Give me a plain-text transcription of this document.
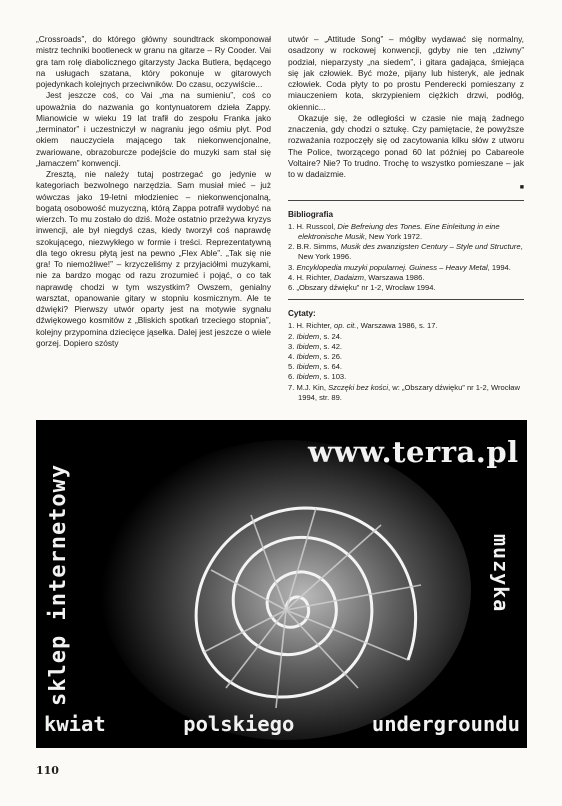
„Crossroads”, do którego główny soundtrack skomponował mistrz techniki bootleneck w granu na gitarze – Ry Cooder. Vai gra tam rolę diabolicznego gitarzysty Jacka Butlera, będącego na usługach szatana, który pokonuje w gitarowych pojedynkach kolejnych przeciwników. Do czasu, oczywiście...

Jest jeszcze coś, co Vai „ma na sumieniu”, coś co upoważnia do nazwania go kontynuatorem dzieła Zappy. Mianowicie w wieku 19 lat trafił do zespołu Franka jako „terminator” i uczestniczył w nagraniu jego ośmiu płyt. Pod okiem nauczyciela mającego tak niekonwencjonalne, zwariowane, obrazoburcze podejście do muzyki sam stał się „łamaczem” konwencji.

Zresztą, nie należy tutaj postrzegać go jedynie w kategoriach bezwolnego narzędzia. Sam musiał mieć – już wówczas jako 19-letni młodzieniec – niekonwencjonalną, bogatą osobowość muzyczną, którą Zappa potrafił wydobyć na wierzch. To mu zostało do dziś. Może ostatnio przeżywa kryzys inwencji, ale był niegdyś czas, kiedy tworzył coś naprawdę szokującego, niezwykłego w formie i treści. Reprezentatywną dla tego okresu płytą jest na pewno „Flex Able”. „Tak się nie gra! To niemożliwe!” – krzyczeliśmy z przyjaciółmi muzykami, nie za bardzo mogąc od razu zrozumieć i pojąć, o co tak naprawdę chodzi w tym wszystkim? Owszem, genialny warsztat, opanowanie gitary w stopniu kosmicznym. Ale te dźwięki? Pierwszy utwór oparty jest na motywie sygnału dźwiękowego kosmitów z „Bliskich spotkań trzeciego stopnia”, kolejny przypomina dziecięce jąsełka. Dalej jest jeszcze o wiele gorzej. Dopiero szósty

utwór – „Attitude Song” – mógłby wydawać się normalny, osadzony w rockowej konwencji, gdyby nie ten „dziwny” podział, nieparzysty „na siedem”, i gitara gadająca, śmiejąca się jak człowiek. Być może, pijany lub histeryk, ale jednak człowiek. Coda płyty to po prostu Penderecki pomieszany z miauczeniem kota, skrzypieniem ciężkich drzwi, podłóg, okiennic...

Okazuje się, że odległości w czasie nie mają żadnego znaczenia, gdy chodzi o sztukę. Czy pamiętacie, że powyższe rozważania rozpoczęły się od zacytowania kilku słów z utworu The Police, tworzącego ponad 60 lat później po Cabareole Voltaire? Nie? To trudno. Trochę to wszystko pomieszane – jak to w dadaizmie.

■
Bibliografia
1. H. Russcol, Die Befreiung des Tones. Eine Einleitung in eine elektronische Musik, New York 1972.
2. B.R. Simms, Musik des zwanzigsten Century – Style und Structure, New York 1996.
3. Encyklopedia muzyki popularnej. Guiness – Heavy Metal, 1994.
4. H. Richter, Dadaizm, Warszawa 1986.
6. „Obszary dźwięku” nr 1-2, Wrocław 1994.
Cytaty:
1. H. Richter, op. cit., Warszawa 1986, s. 17.
2. Ibidem, s. 24.
3. Ibidem, s. 42.
4. Ibidem, s. 26.
5. Ibidem, s. 64.
6. Ibidem, s. 103.
7. M.J. Kin, Szczęki bez kości, w: „Obszary dźwięku” nr 1-2, Wrocław 1994, str. 89.
www.terra.pl
sklep internetowy	muzyka
kwiat	polskiego	undergroundu
110
